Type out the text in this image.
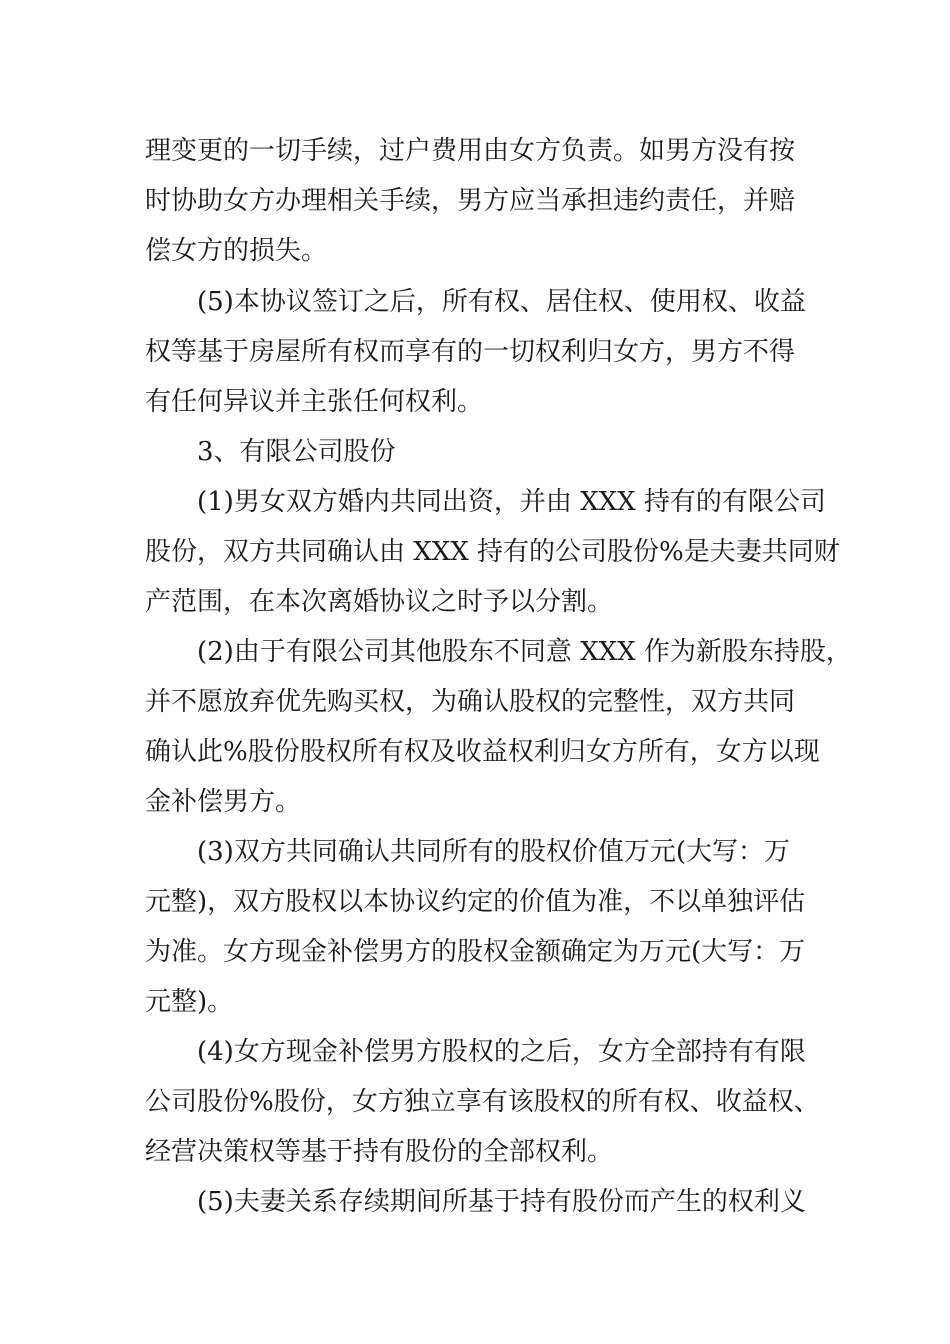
理变更的一切手续，过户费用由女方负责。如男方没有按
时协助女方办理相关手续，男方应当承担违约责任，并赔
偿女方的损失。
(5)本协议签订之后，所有权、居住权、使用权、收益
权等基于房屋所有权而享有的一切权利归女方，男方不得
有任何异议并主张任何权利。
3、有限公司股份
(1)男女双方婚内共同出资，并由 XXX 持有的有限公司
股份，双方共同确认由 XXX 持有的公司股份%是夫妻共同财
产范围，在本次离婚协议之时予以分割。
(2)由于有限公司其他股东不同意 XXX 作为新股东持股，
并不愿放弃优先购买权，为确认股权的完整性，双方共同
确认此%股份股权所有权及收益权利归女方所有，女方以现
金补偿男方。
(3)双方共同确认共同所有的股权价值万元(大写：万
元整)，双方股权以本协议约定的价值为准，不以单独评估
为准。女方现金补偿男方的股权金额确定为万元(大写：万
元整)。
(4)女方现金补偿男方股权的之后，女方全部持有有限
公司股份%股份，女方独立享有该股权的所有权、收益权、
经营决策权等基于持有股份的全部权利。
(5)夫妻关系存续期间所基于持有股份而产生的权利义
